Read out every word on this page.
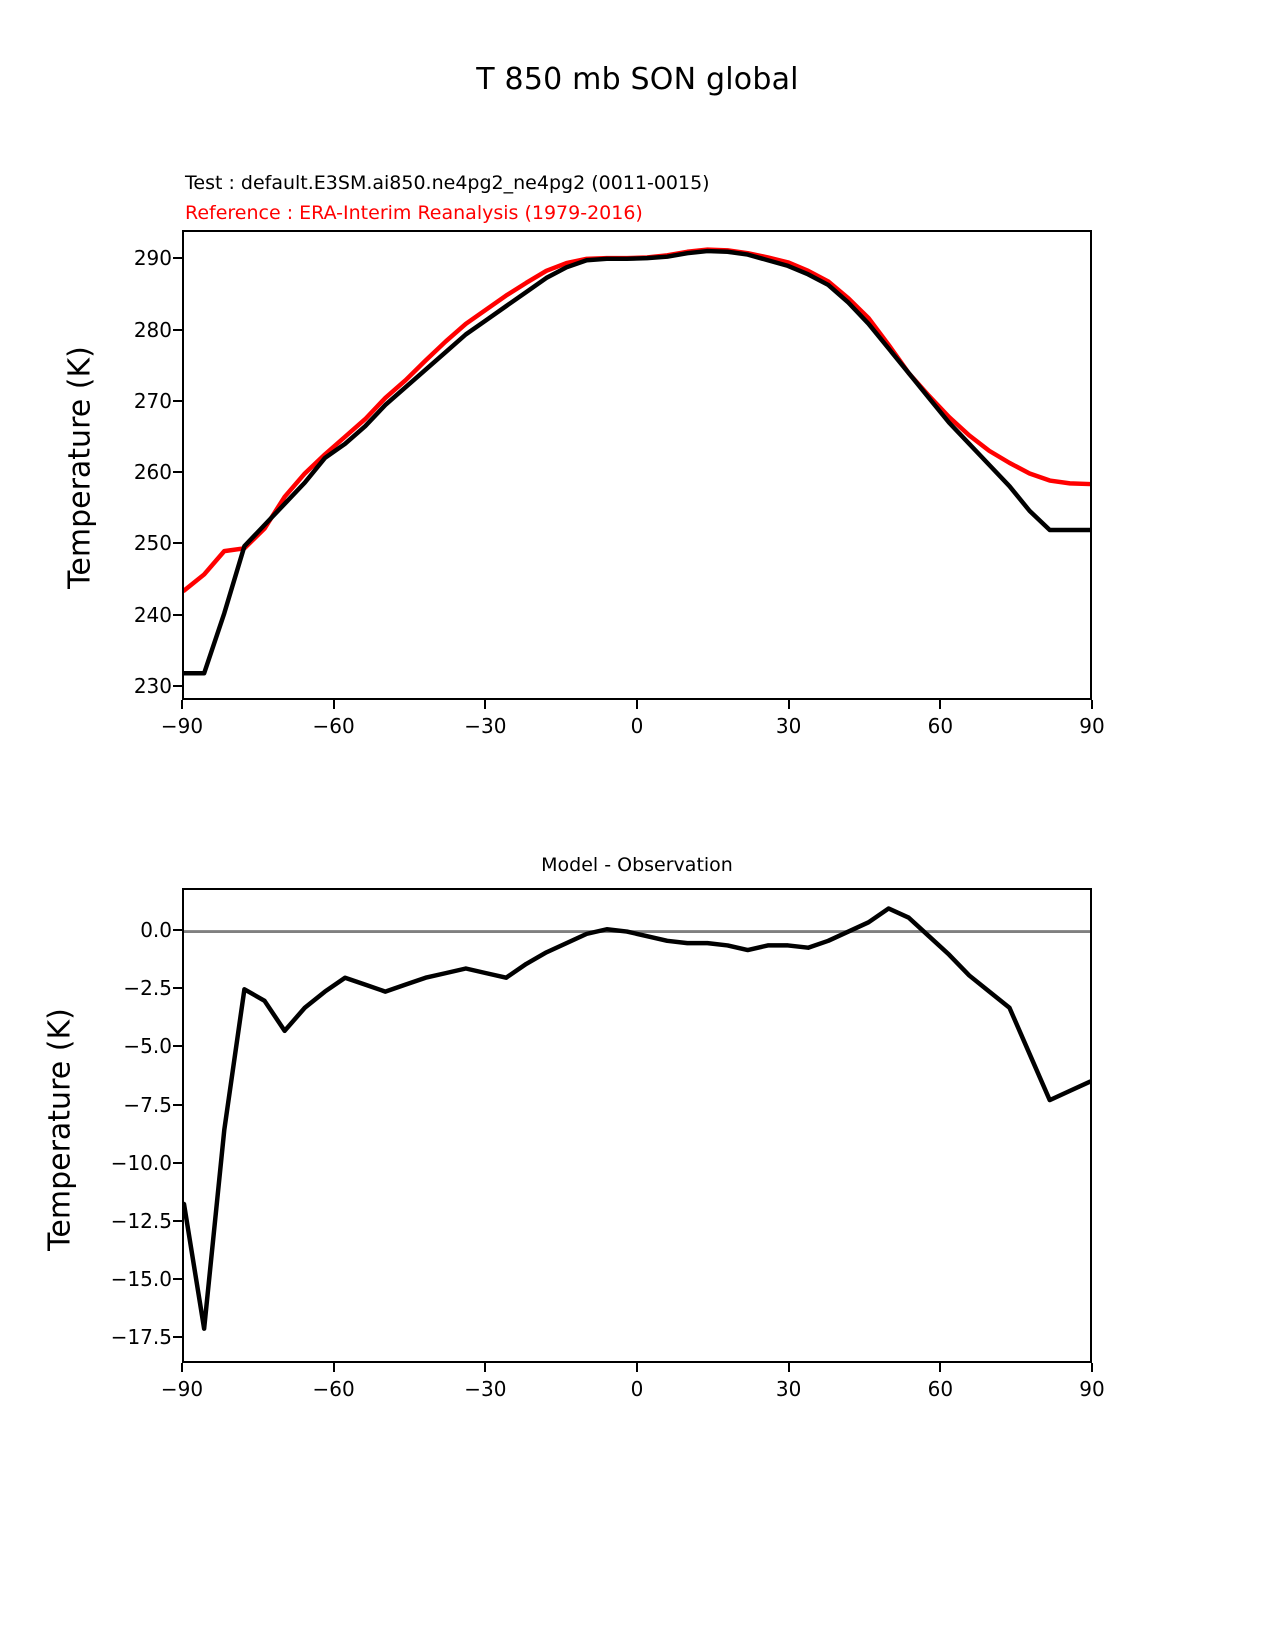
T 850 mb SON global
Test : default.E3SM.ai850.ne4pg2_ne4pg2 (0011-0015)
Reference : ERA-Interim Reanalysis (1979-2016)
Temperature (K)
−90	−60	−30	0	30	60	90
230
240
250
260
270
280
290
Model - Observation
Temperature (K)
−90	−60	−30	0	30	60	90
0.0
−2.5
−5.0
−7.5
−10.0
−12.5
−15.0
−17.5
